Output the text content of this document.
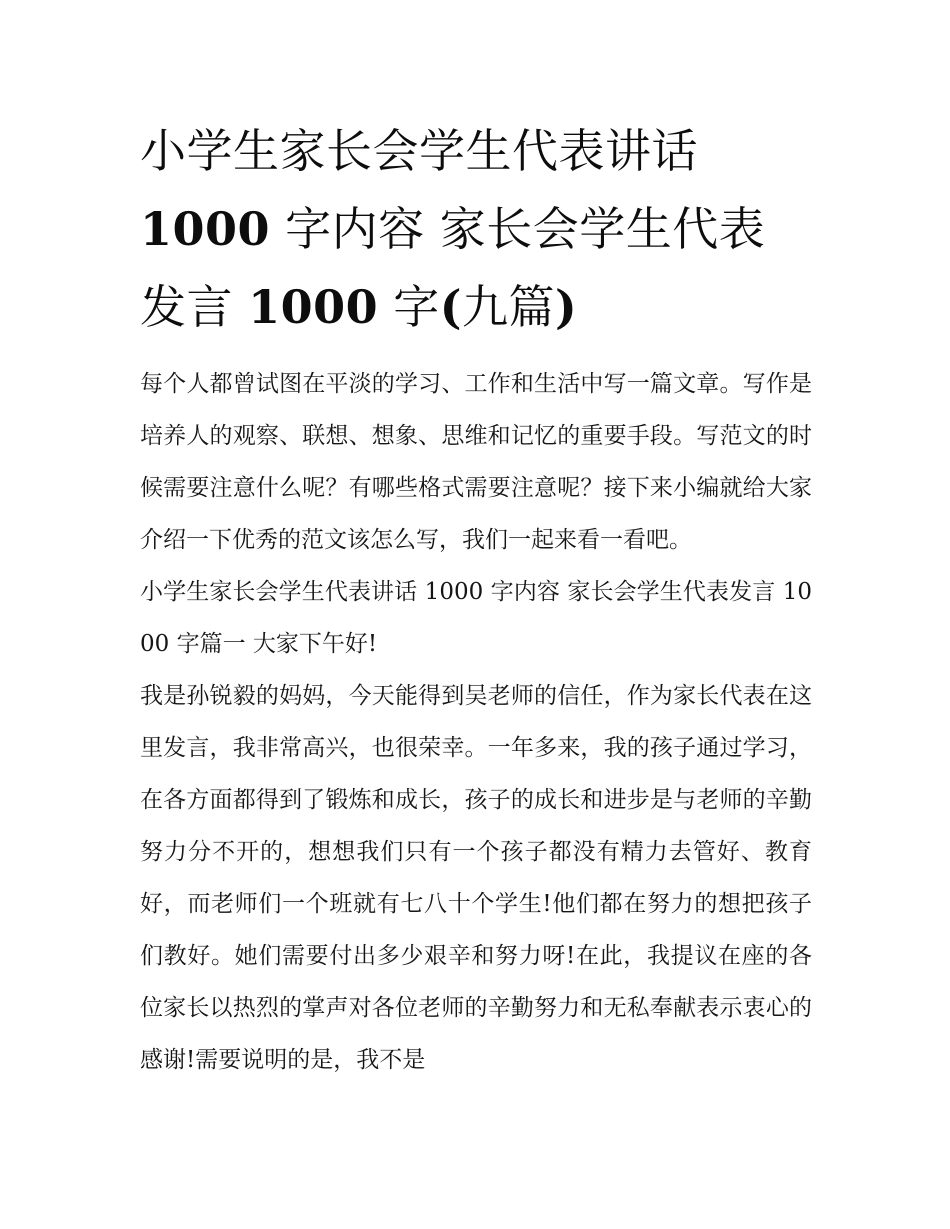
小学生家长会学生代表讲话
1000 字内容 家长会学生代表
发言 1000 字(九篇)

每个人都曾试图在平淡的学习、工作和生活中写一篇文章。写作是培养人的观察、联想、想象、思维和记忆的重要手段。写范文的时候需要注意什么呢？有哪些格式需要注意呢？接下来小编就给大家介绍一下优秀的范文该怎么写，我们一起来看一看吧。

小学生家长会学生代表讲话 1000 字内容 家长会学生代表发言 1000 字篇一 大家下午好!

我是孙锐毅的妈妈，今天能得到吴老师的信任，作为家长代表在这里发言，我非常高兴，也很荣幸。一年多来，我的孩子通过学习，在各方面都得到了锻炼和成长，孩子的成长和进步是与老师的辛勤努力分不开的，想想我们只有一个孩子都没有精力去管好、教育好，而老师们一个班就有七八十个学生!他们都在努力的想把孩子们教好。她们需要付出多少艰辛和努力呀!在此，我提议在座的各位家长以热烈的掌声对各位老师的辛勤努力和无私奉献表示衷心的感谢!需要说明的是，我不是
